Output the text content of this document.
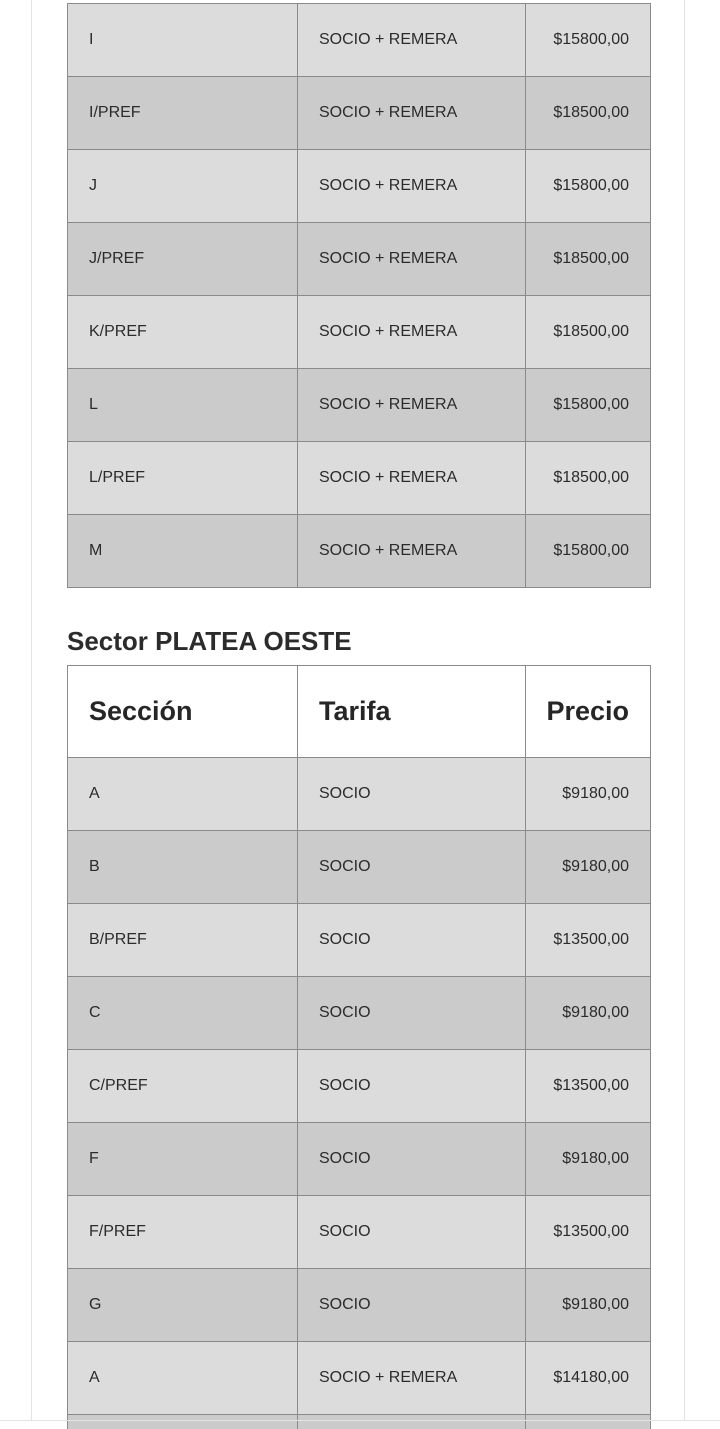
I	SOCIO + REMERA	$15800,00
I/PREF	SOCIO + REMERA	$18500,00
J	SOCIO + REMERA	$15800,00
J/PREF	SOCIO + REMERA	$18500,00
K/PREF	SOCIO + REMERA	$18500,00
L	SOCIO + REMERA	$15800,00
L/PREF	SOCIO + REMERA	$18500,00
M	SOCIO + REMERA	$15800,00
Sector PLATEA OESTE
Sección	Tarifa	Precio
A	SOCIO	$9180,00
B	SOCIO	$9180,00
B/PREF	SOCIO	$13500,00
C	SOCIO	$9180,00
C/PREF	SOCIO	$13500,00
F	SOCIO	$9180,00
F/PREF	SOCIO	$13500,00
G	SOCIO	$9180,00
A	SOCIO + REMERA	$14180,00
